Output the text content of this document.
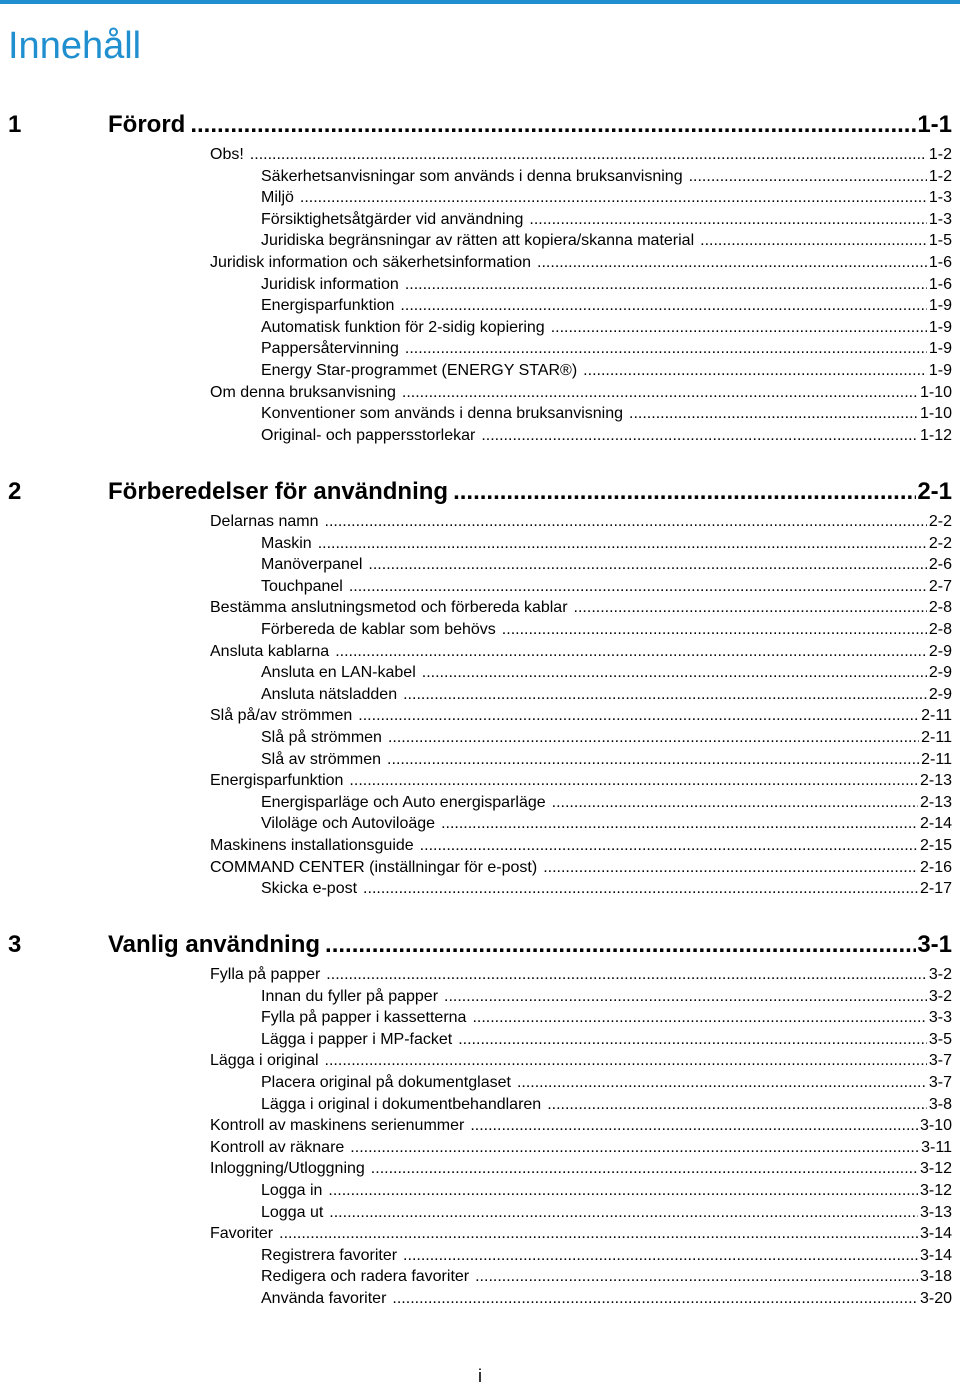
Innehåll
1	Förord .....	1-1
Obs! .....	1-2
Säkerhetsanvisningar som används i denna bruksanvisning .....	1-2
Miljö .....	1-3
Försiktighetsåtgärder vid användning .....	1-3
Juridiska begränsningar av rätten att kopiera/skanna material .....	1-5
Juridisk information och säkerhetsinformation .....	1-6
Juridisk information .....	1-6
Energisparfunktion .....	1-9
Automatisk funktion för 2-sidig kopiering .....	1-9
Pappersåtervinning .....	1-9
Energy Star-programmet (ENERGY STAR®) .....	1-9
Om denna bruksanvisning .....	1-10
Konventioner som används i denna bruksanvisning .....	1-10
Original- och pappersstorlekar .....	1-12
2	Förberedelser för användning .....	2-1
Delarnas namn .....	2-2
Maskin .....	2-2
Manöverpanel .....	2-6
Touchpanel .....	2-7
Bestämma anslutningsmetod och förbereda kablar .....	2-8
Förbereda de kablar som behövs .....	2-8
Ansluta kablarna .....	2-9
Ansluta en LAN-kabel .....	2-9
Ansluta nätsladden .....	2-9
Slå på/av strömmen .....	2-11
Slå på strömmen .....	2-11
Slå av strömmen .....	2-11
Energisparfunktion .....	2-13
Energisparläge och Auto energisparläge .....	2-13
Viloläge och Autoviloäge .....	2-14
Maskinens installationsguide .....	2-15
COMMAND CENTER (inställningar för e-post) .....	2-16
Skicka e-post .....	2-17
3	Vanlig användning .....	3-1
Fylla på papper .....	3-2
Innan du fyller på papper .....	3-2
Fylla på papper i kassetterna .....	3-3
Lägga i papper i MP-facket .....	3-5
Lägga i original .....	3-7
Placera original på dokumentglaset .....	3-7
Lägga i original i dokumentbehandlaren .....	3-8
Kontroll av maskinens serienummer .....	3-10
Kontroll av räknare .....	3-11
Inloggning/Utloggning .....	3-12
Logga in .....	3-12
Logga ut .....	3-13
Favoriter .....	3-14
Registrera favoriter .....	3-14
Redigera och radera favoriter .....	3-18
Använda favoriter .....	3-20
i
